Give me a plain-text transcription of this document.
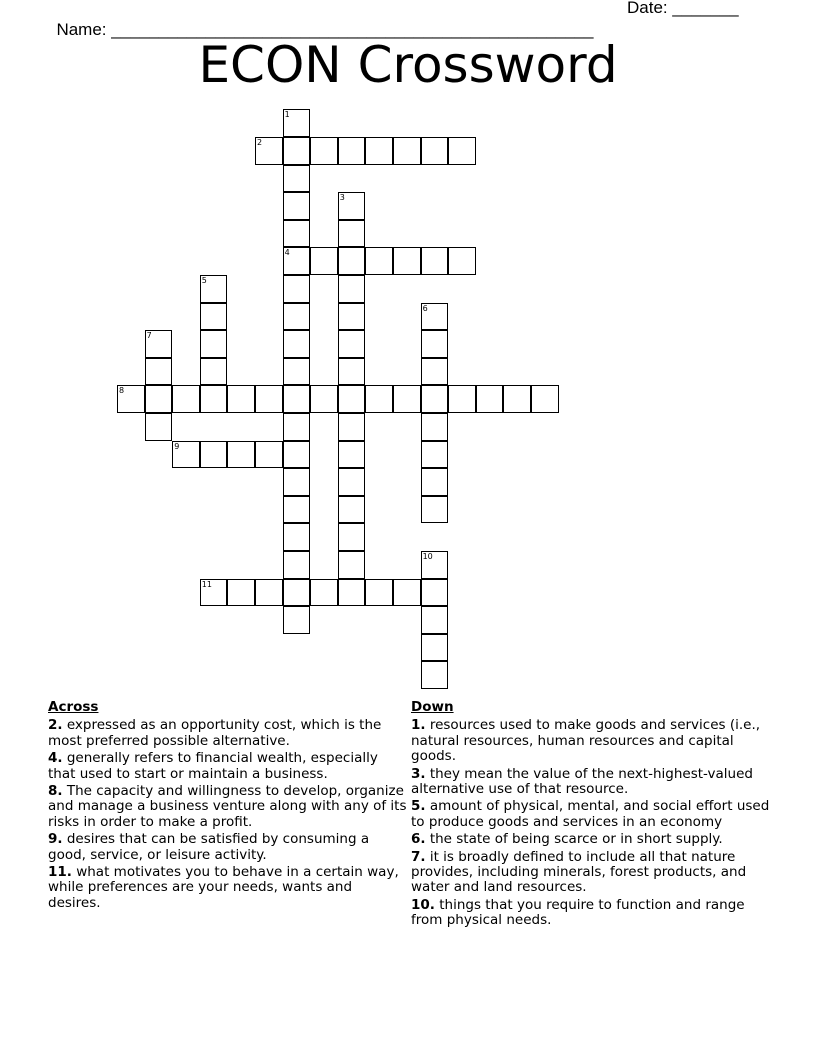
Name: ___________________________________________________

Date: _______

ECON Crossword
1
4
2
3
5
6
7
8
9
10
11
Across
2. expressed as an opportunity cost, which is the most preferred possible alternative.
4. generally refers to financial wealth, especially that used to start or maintain a business.
8. The capacity and willingness to develop, organize and manage a business venture along with any of its risks in order to make a profit.
9. desires that can be satisfied by consuming a good, service, or leisure activity.
11. what motivates you to behave in a certain way, while preferences are your needs, wants and desires.
Down
1. resources used to make goods and services (i.e., natural resources, human resources and capital goods.
3. they mean the value of the next-highest-valued alternative use of that resource.
5. amount of physical, mental, and social effort used to produce goods and services in an economy
6. the state of being scarce or in short supply.
7. it is broadly defined to include all that nature provides, including minerals, forest products, and water and land resources.
10. things that you require to function and range from physical needs.
